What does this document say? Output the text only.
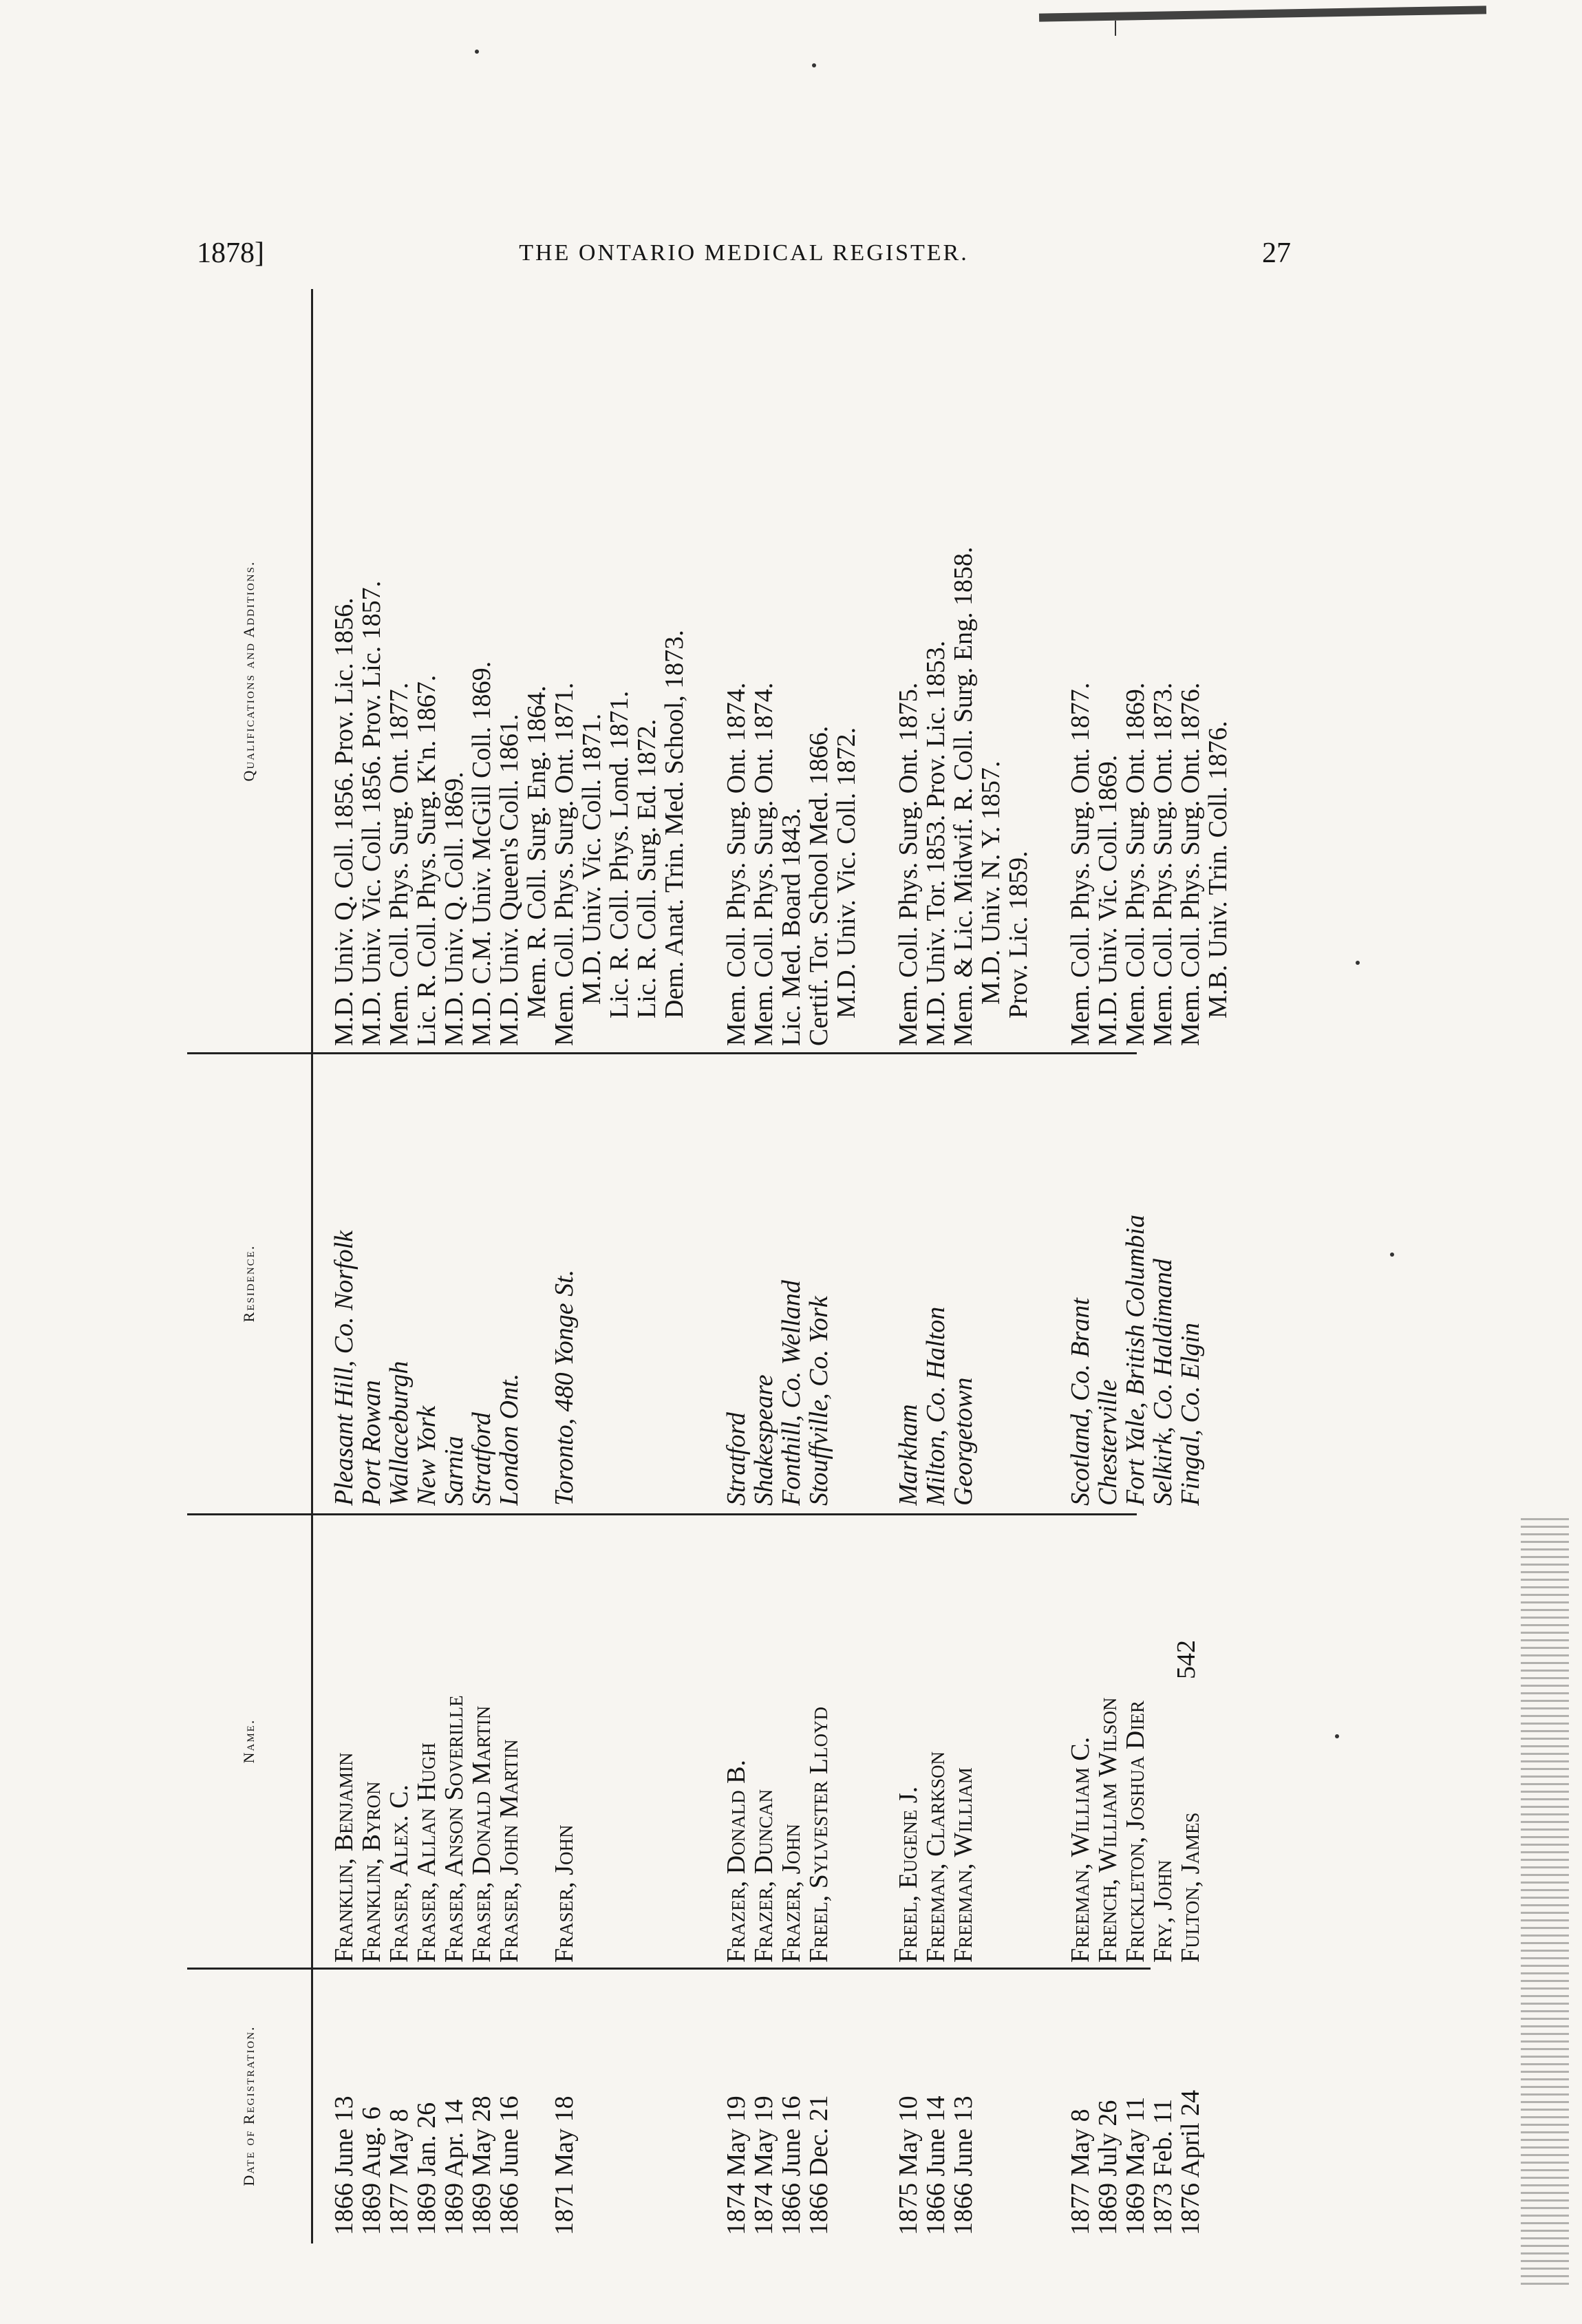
1878]	THE ONTARIO MEDICAL REGISTER.	27
Date of Registration.
Name.
Residence.
Qualifications and Additions.
1866 June 13
Franklin, Benjamin
Pleasant Hill, Co. Norfolk
M.D. Univ. Q. Coll. 1856. Prov. Lic. 1856.
1869 Aug. 6
Franklin, Byron
Port Rowan
M.D. Univ. Vic. Coll. 1856. Prov. Lic. 1857.
1877 May 8
Fraser, Alex. C.
Wallaceburgh
Mem. Coll. Phys. Surg. Ont. 1877.
1869 Jan. 26
Fraser, Allan Hugh
New York
Lic. R. Coll. Phys. Surg. K'n. 1867.
1869 Apr. 14
Fraser, Anson Soverille
Sarnia
M.D. Univ. Q. Coll. 1869.
1869 May 28
Fraser, Donald Martin
Stratford
M.D. C.M. Univ. McGill Coll. 1869.
1866 June 16
Fraser, John Martin
London Ont.
M.D. Univ. Queen's Coll. 1861.
Mem. R. Coll. Surg. Eng. 1864.
1871 May 18
Fraser, John
Toronto, 480 Yonge St.
Mem. Coll. Phys. Surg. Ont. 1871.
M.D. Univ. Vic. Coll. 1871.
Lic. R. Coll. Phys. Lond. 1871.
Lic. R. Coll. Surg. Ed. 1872.
Dem. Anat. Trin. Med. School, 1873.
1874 May 19
Frazer, Donald B.
Stratford
Mem. Coll. Phys. Surg. Ont. 1874.
1874 May 19
Frazer, Duncan
Shakespeare
Mem. Coll. Phys. Surg. Ont. 1874.
1866 June 16
Frazer, John
Fonthill, Co. Welland
Lic. Med. Board 1843.
1866 Dec. 21
Freel, Sylvester Lloyd
Stouffville, Co. York
Certif. Tor. School Med. 1866.
M.D. Univ. Vic. Coll. 1872.
1875 May 10
Freel, Eugene J.
Markham
Mem. Coll. Phys. Surg. Ont. 1875.
1866 June 14
Freeman, Clarkson
Milton, Co. Halton
M.D. Univ. Tor. 1853. Prov. Lic. 1853.
1866 June 13
Freeman, William
Georgetown
Mem. & Lic. Midwif. R. Coll. Surg. Eng. 1858.
M.D. Univ. N. Y. 1857.
Prov. Lic. 1859.
1877 May 8
Freeman, William C.
Scotland, Co. Brant
Mem. Coll. Phys. Surg. Ont. 1877.
1869 July 26
French, William Wilson
Chesterville
M.D. Univ. Vic. Coll. 1869.
1869 May 11
Frickleton, Joshua Dier
Fort Yale, British Columbia
Mem. Coll. Phys. Surg. Ont. 1869.
1873 Feb. 11
Fry, John
Selkirk, Co. Haldimand
Mem. Coll. Phys. Surg. Ont. 1873.
1876 April 24
Fulton, James
Fingal, Co. Elgin
Mem. Coll. Phys. Surg. Ont. 1876.
M.B. Univ. Trin. Coll. 1876.
542
